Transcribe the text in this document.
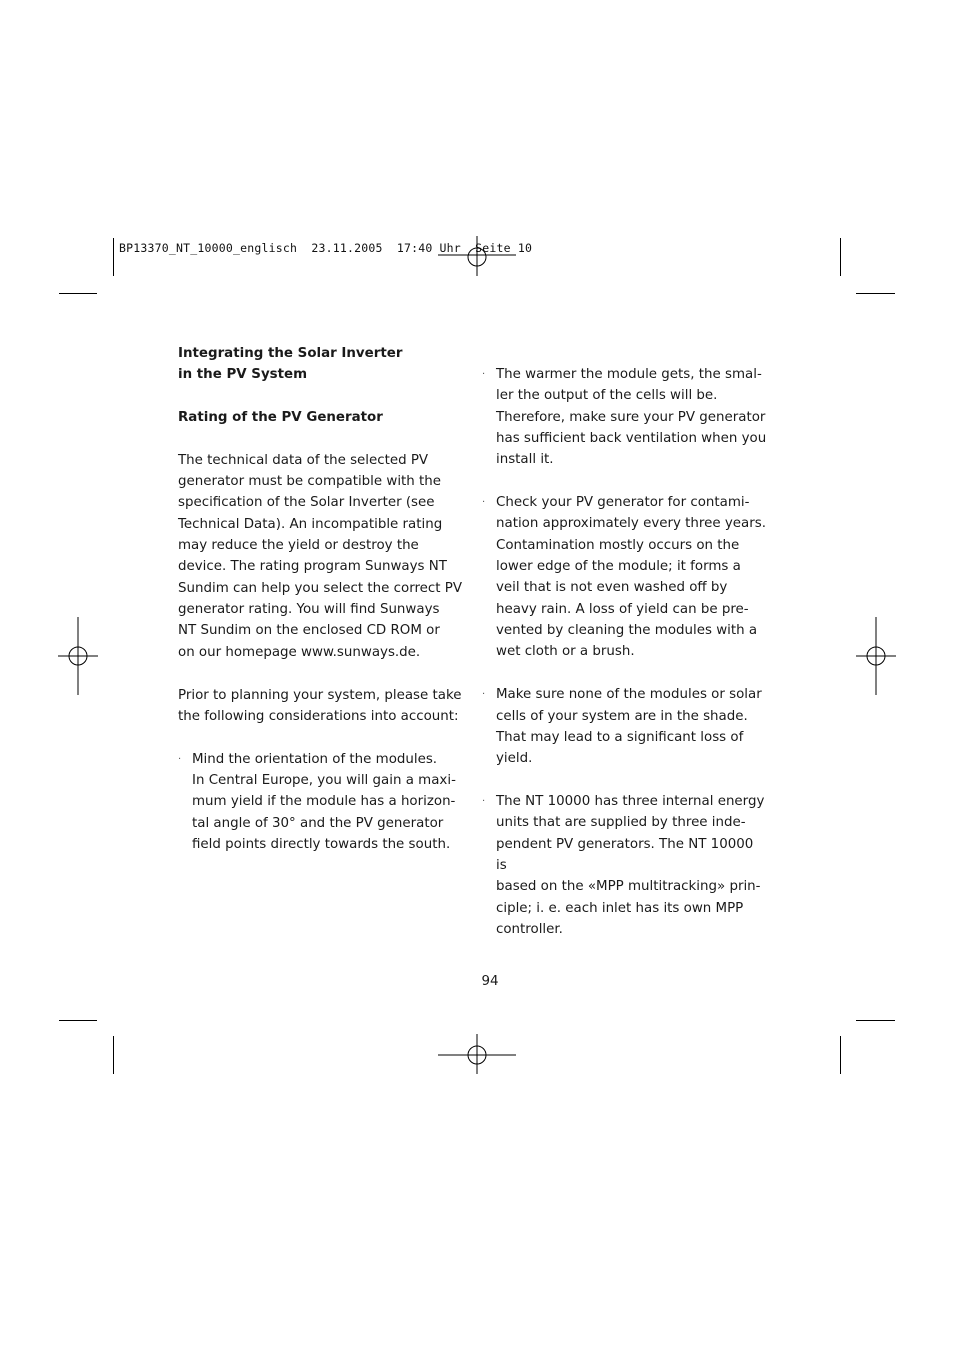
BP13370_NT_10000_englisch  23.11.2005  17:40 Uhr  Seite 10

Integrating the Solar Inverter
in the PV System

Rating of the PV Generator

The technical data of the selected PV
generator must be compatible with the
specification of the Solar Inverter (see
Technical Data). An incompatible rating
may reduce the yield or destroy the
device. The rating program Sunways NT
Sundim can help you select the correct PV
generator rating. You will find Sunways
NT Sundim on the enclosed CD ROM or
on our homepage www.sunways.de.

Prior to planning your system, please take
the following considerations into account:

· Mind the orientation of the modules.
In Central Europe, you will gain a maxi-
mum yield if the module has a horizon-
tal angle of 30° and the PV generator
field points directly towards the south.

· The warmer the module gets, the smal-
ler the output of the cells will be.
Therefore, make sure your PV generator
has sufficient back ventilation when you
install it.

· Check your PV generator for contami-
nation approximately every three years.
Contamination mostly occurs on the
lower edge of the module; it forms a
veil that is not even washed off by
heavy rain. A loss of yield can be pre-
vented by cleaning the modules with a
wet cloth or a brush.

· Make sure none of the modules or solar
cells of your system are in the shade.
That may lead to a significant loss of
yield.

· The NT 10000 has three internal energy
units that are supplied by three inde-
pendent PV generators. The NT 10000 is
based on the «MPP multitracking» prin-
ciple; i. e. each inlet has its own MPP
controller.

94
